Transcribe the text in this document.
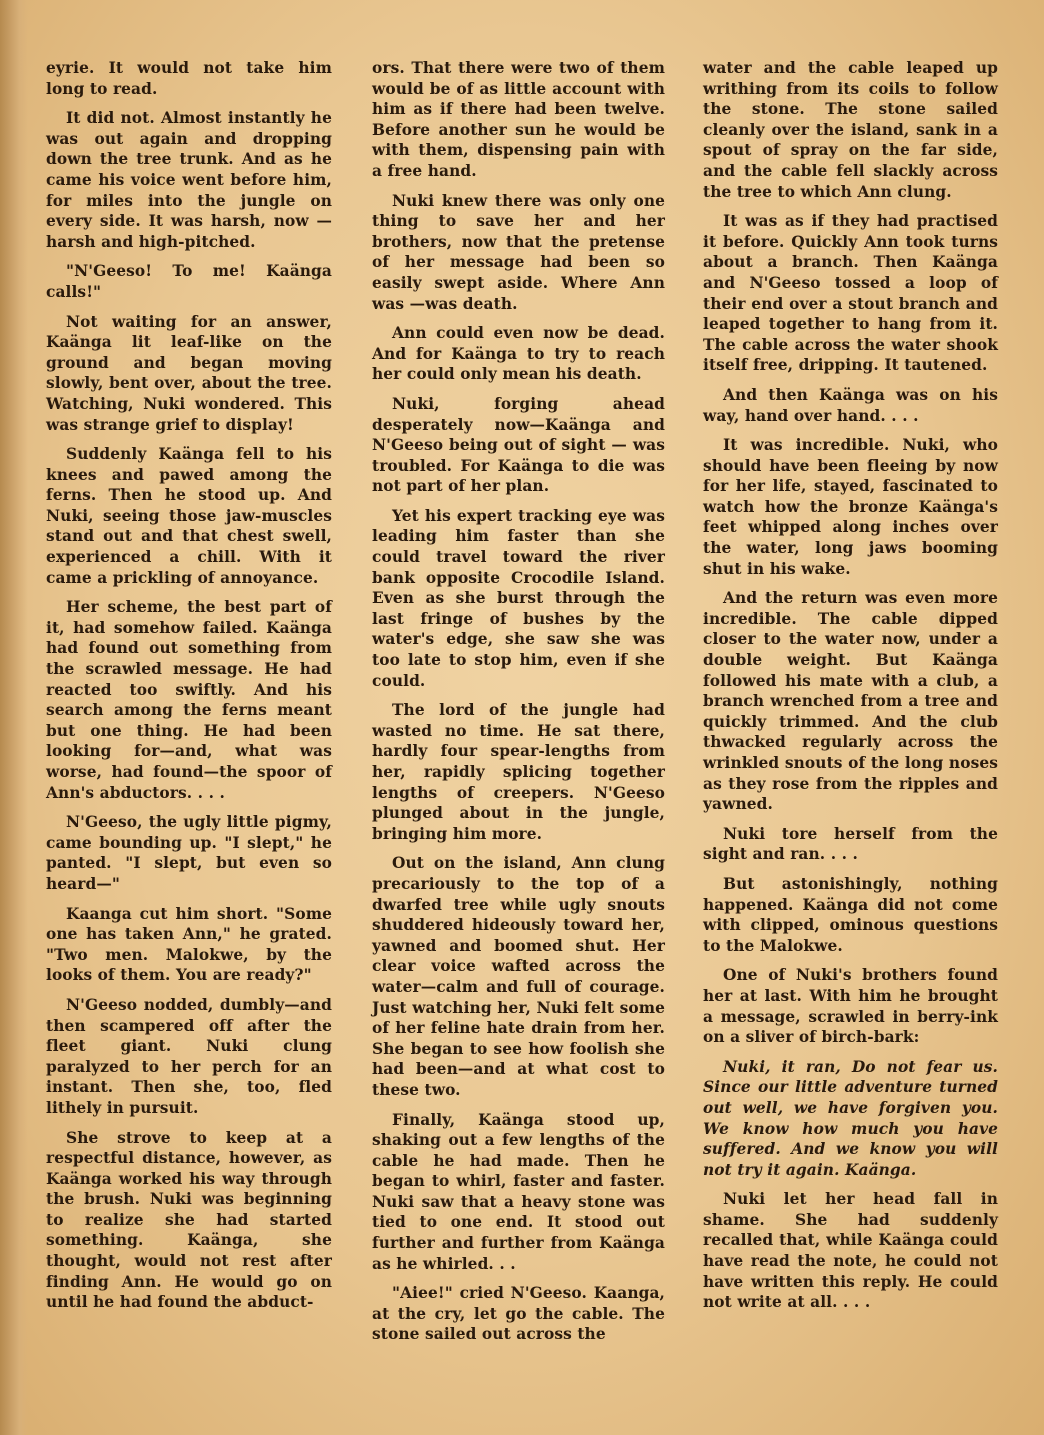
eyrie. It would not take him long to read.

It did not. Almost instantly he was out again and dropping down the tree trunk. And as he came his voice went before him, for miles into the jungle on every side. It was harsh, now —harsh and high-pitched.

"N'Geeso! To me! Kaänga calls!"

Not waiting for an answer, Kaänga lit leaf-like on the ground and began moving slowly, bent over, about the tree. Watching, Nuki wondered. This was strange grief to display!

Suddenly Kaänga fell to his knees and pawed among the ferns. Then he stood up. And Nuki, seeing those jaw-muscles stand out and that chest swell, experienced a chill. With it came a prickling of annoyance.

Her scheme, the best part of it, had somehow failed. Kaänga had found out something from the scrawled message. He had reacted too swiftly. And his search among the ferns meant but one thing. He had been looking for—and, what was worse, had found—the spoor of Ann's abductors. . . .

N'Geeso, the ugly little pigmy, came bounding up. "I slept," he panted. "I slept, but even so heard—"

Kaanga cut him short. "Some one has taken Ann," he grated. "Two men. Malokwe, by the looks of them. You are ready?"

N'Geeso nodded, dumbly—and then scampered off after the fleet giant. Nuki clung paralyzed to her perch for an instant. Then she, too, fled lithely in pursuit.

She strove to keep at a respectful distance, however, as Kaänga worked his way through the brush. Nuki was beginning to realize she had started something. Kaänga, she thought, would not rest after finding Ann. He would go on until he had found the abduct-

ors. That there were two of them would be of as little account with him as if there had been twelve. Before another sun he would be with them, dispensing pain with a free hand.

Nuki knew there was only one thing to save her and her brothers, now that the pretense of her message had been so easily swept aside. Where Ann was —was death.

Ann could even now be dead. And for Kaänga to try to reach her could only mean his death.

Nuki, forging ahead desperately now—Kaänga and N'Geeso being out of sight — was troubled. For Kaänga to die was not part of her plan.

Yet his expert tracking eye was leading him faster than she could travel toward the river bank opposite Crocodile Island. Even as she burst through the last fringe of bushes by the water's edge, she saw she was too late to stop him, even if she could.

The lord of the jungle had wasted no time. He sat there, hardly four spear-lengths from her, rapidly splicing together lengths of creepers. N'Geeso plunged about in the jungle, bringing him more.

Out on the island, Ann clung precariously to the top of a dwarfed tree while ugly snouts shuddered hideously toward her, yawned and boomed shut. Her clear voice wafted across the water—calm and full of courage. Just watching her, Nuki felt some of her feline hate drain from her. She began to see how foolish she had been—and at what cost to these two.

Finally, Kaänga stood up, shaking out a few lengths of the cable he had made. Then he began to whirl, faster and faster. Nuki saw that a heavy stone was tied to one end. It stood out further and further from Kaänga as he whirled. . .

"Aiee!" cried N'Geeso. Kaanga, at the cry, let go the cable. The stone sailed out across the

water and the cable leaped up writhing from its coils to follow the stone. The stone sailed cleanly over the island, sank in a spout of spray on the far side, and the cable fell slackly across the tree to which Ann clung.

It was as if they had practised it before. Quickly Ann took turns about a branch. Then Kaänga and N'Geeso tossed a loop of their end over a stout branch and leaped together to hang from it. The cable across the water shook itself free, dripping. It tautened.

And then Kaänga was on his way, hand over hand. . . .

It was incredible. Nuki, who should have been fleeing by now for her life, stayed, fascinated to watch how the bronze Kaänga's feet whipped along inches over the water, long jaws booming shut in his wake.

And the return was even more incredible. The cable dipped closer to the water now, under a double weight. But Kaänga followed his mate with a club, a branch wrenched from a tree and quickly trimmed. And the club thwacked regularly across the wrinkled snouts of the long noses as they rose from the ripples and yawned.

Nuki tore herself from the sight and ran. . . .

But astonishingly, nothing happened. Kaänga did not come with clipped, ominous questions to the Malokwe.

One of Nuki's brothers found her at last. With him he brought a message, scrawled in berry-ink on a sliver of birch-bark:

Nuki, it ran, Do not fear us. Since our little adventure turned out well, we have forgiven you. We know how much you have suffered. And we know you will not try it again. Kaänga.

Nuki let her head fall in shame. She had suddenly recalled that, while Kaänga could have read the note, he could not have written this reply. He could not write at all. . . .
